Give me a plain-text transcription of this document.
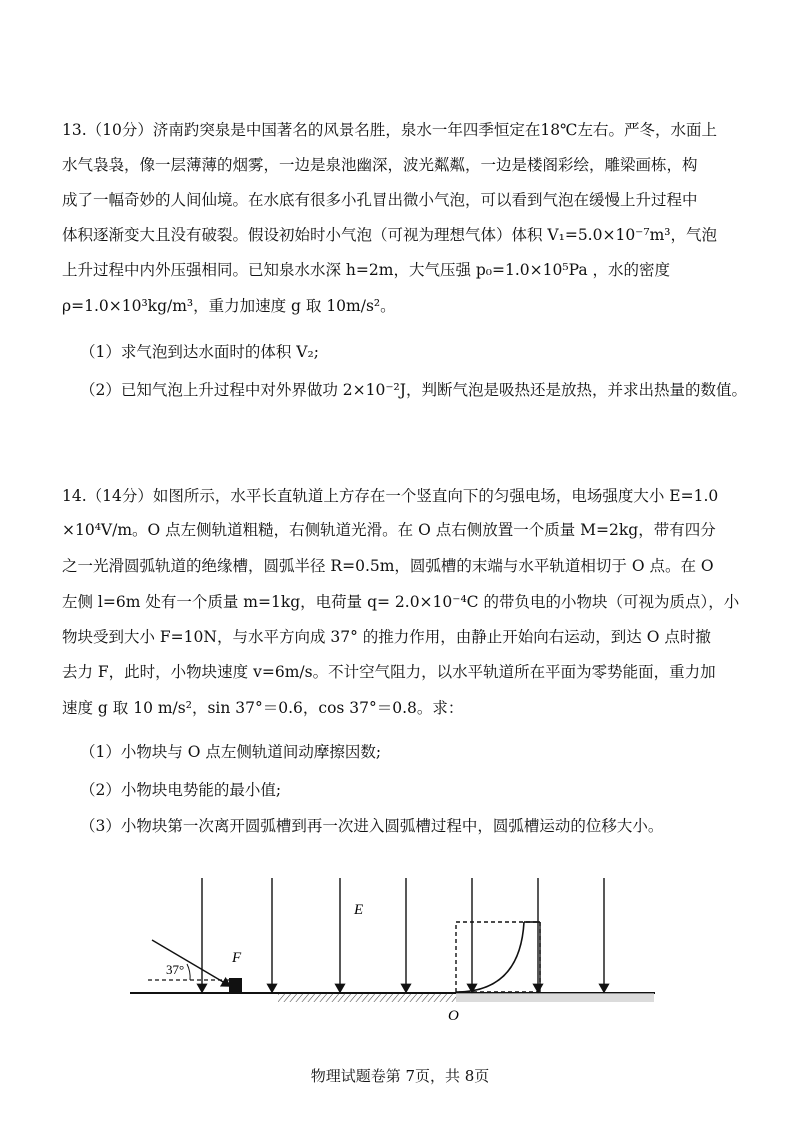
13.（10分）济南趵突泉是中国著名的风景名胜，泉水一年四季恒定在18℃左右。严冬，水面上
水气袅袅，像一层薄薄的烟雾，一边是泉池幽深，波光粼粼，一边是楼阁彩绘，雕梁画栋，构
成了一幅奇妙的人间仙境。在水底有很多小孔冒出微小气泡，可以看到气泡在缓慢上升过程中
体积逐渐变大且没有破裂。假设初始时小气泡（可视为理想气体）体积 V₁=5.0×10⁻⁷m³，气泡
上升过程中内外压强相同。已知泉水水深 h=2m，大气压强 p₀=1.0×10⁵Pa ，水的密度
ρ=1.0×10³kg/m³，重力加速度 g 取 10m/s²。
（1）求气泡到达水面时的体积 V₂;
（2）已知气泡上升过程中对外界做功 2×10⁻²J，判断气泡是吸热还是放热，并求出热量的数值。
14.（14分）如图所示，水平长直轨道上方存在一个竖直向下的匀强电场，电场强度大小 E=1.0
×10⁴V/m。O 点左侧轨道粗糙，右侧轨道光滑。在 O 点右侧放置一个质量 M=2kg，带有四分
之一光滑圆弧轨道的绝缘槽，圆弧半径 R=0.5m，圆弧槽的末端与水平轨道相切于 O 点。在 O
左侧 l=6m 处有一个质量 m=1kg，电荷量 q= 2.0×10⁻⁴C 的带负电的小物块（可视为质点），小
物块受到大小 F=10N，与水平方向成 37° 的推力作用，由静止开始向右运动，到达 O 点时撤
去力 F，此时，小物块速度 v=6m/s。不计空气阻力，以水平轨道所在平面为零势能面，重力加
速度 g 取 10 m/s²，sin 37°＝0.6，cos 37°＝0.8。求：
（1）小物块与 O 点左侧轨道间动摩擦因数;
（2）小物块电势能的最小值;
（3）小物块第一次离开圆弧槽到再一次进入圆弧槽过程中，圆弧槽运动的位移大小。
E
37°
F
O
物理试题卷第 7页，共 8页
